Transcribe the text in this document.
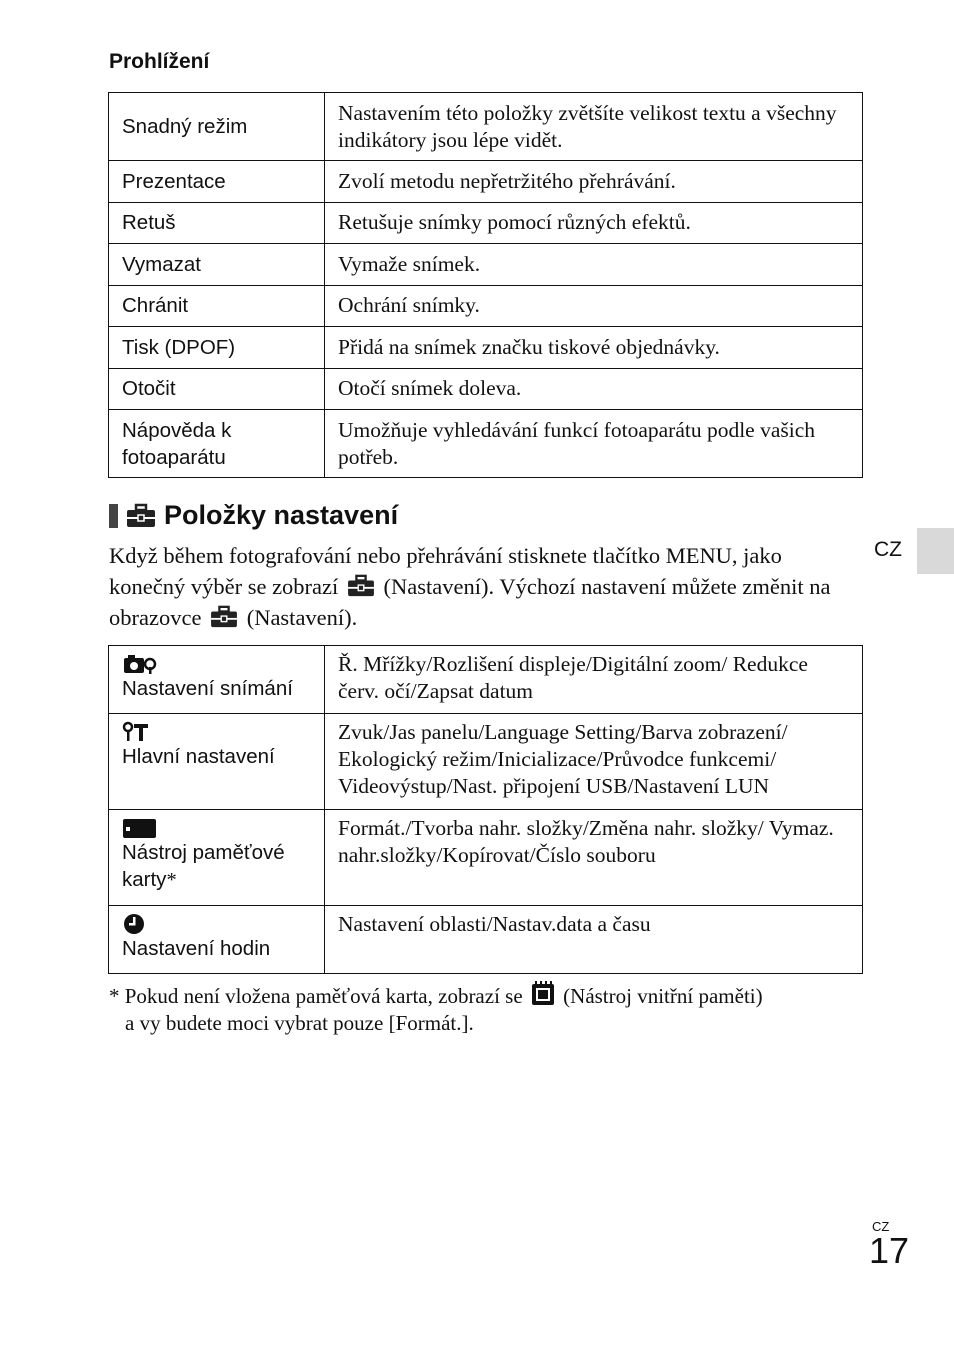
Prohlížení
Snadný režim	Nastavením této položky zvětšíte velikost textu a všechny indikátory jsou lépe vidět.
Prezentace	Zvolí metodu nepřetržitého přehrávání.
Retuš	Retušuje snímky pomocí různých efektů.
Vymazat	Vymaže snímek.
Chránit	Ochrání snímky.
Tisk (DPOF)	Přidá na snímek značku tiskové objednávky.
Otočit	Otočí snímek doleva.
Nápověda k fotoaparátu	Umožňuje vyhledávání funkcí fotoaparátu podle vašich potřeb.
Položky nastavení
CZ
Když během fotografování nebo přehrávání stisknete tlačítko MENU, jako konečný výběr se zobrazí (Nastavení). Výchozí nastavení můžete změnit na obrazovce (Nastavení).
Nastavení snímání	Ř. Mřížky/Rozlišení displeje/Digitální zoom/ Redukce červ. očí/Zapsat datum

Hlavní nastavení	Zvuk/Jas panelu/Language Setting/Barva zobrazení/ Ekologický režim/Inicializace/Průvodce funkcemi/ Videovýstup/Nast. připojení USB/Nastavení LUN

Nástroj paměťové karty*	Formát./Tvorba nahr. složky/Změna nahr. složky/ Vymaz. nahr.složky/Kopírovat/Číslo souboru

Nastavení hodin	Nastavení oblasti/Nastav.data a času
* Pokud není vložena paměťová karta, zobrazí se (Nástroj vnitřní paměti)
a vy budete moci vybrat pouze [Formát.].
CZ
17
